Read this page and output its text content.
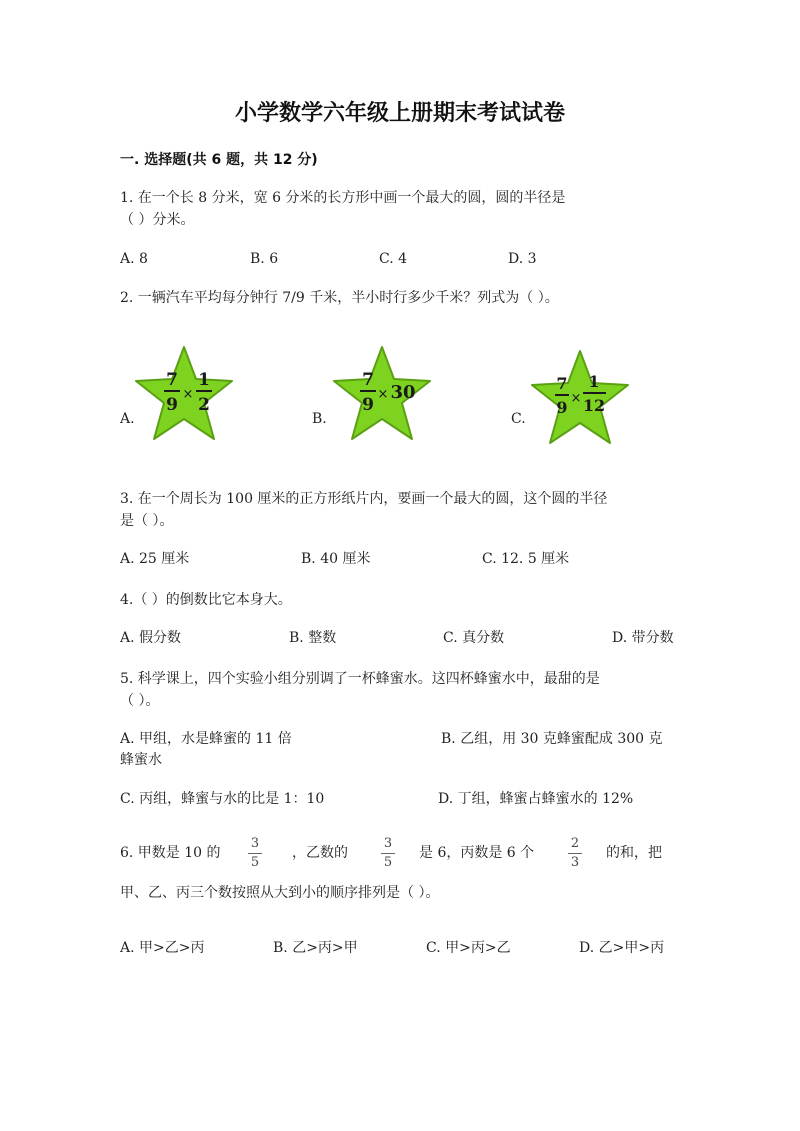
小学数学六年级上册期末考试试卷
一. 选择题(共 6 题，共 12 分)
1. 在一个长 8 分米，宽 6 分米的长方形中画一个最大的圆，圆的半径是
（ ）分米。
A. 8	B. 6	C. 4	D. 3
2. 一辆汽车平均每分钟行 7/9 千米，半小时行多少千米？列式为（ ）。
A.	B.	C.
7
9
×
1
2
7
9
× 30	7
9 ×
1
12
3. 在一个周长为 100 厘米的正方形纸片内，要画一个最大的圆，这个圆的半径
是（ ）。
A. 25 厘米	B. 40 厘米	C. 12. 5 厘米
4.（ ）的倒数比它本身大。
A. 假分数	B. 整数	C. 真分数	D. 带分数
5. 科学课上，四个实验小组分别调了一杯蜂蜜水。这四杯蜂蜜水中，最甜的是
（ ）。
A. 甲组，水是蜂蜜的 11 倍	B. 乙组，用 30 克蜂蜜配成 300 克
蜂蜜水
C. 丙组，蜂蜜与水的比是 1：10	D. 丁组，蜂蜜占蜂蜜水的 12%
6. 甲数是 10 的
3
5
，乙数的
3
5
是 6，丙数是 6 个
2
3
的和，把
甲、乙、丙三个数按照从大到小的顺序排列是（ ）。
A. 甲>乙>丙	B. 乙>丙>甲	C. 甲>丙>乙	D. 乙>甲>丙
